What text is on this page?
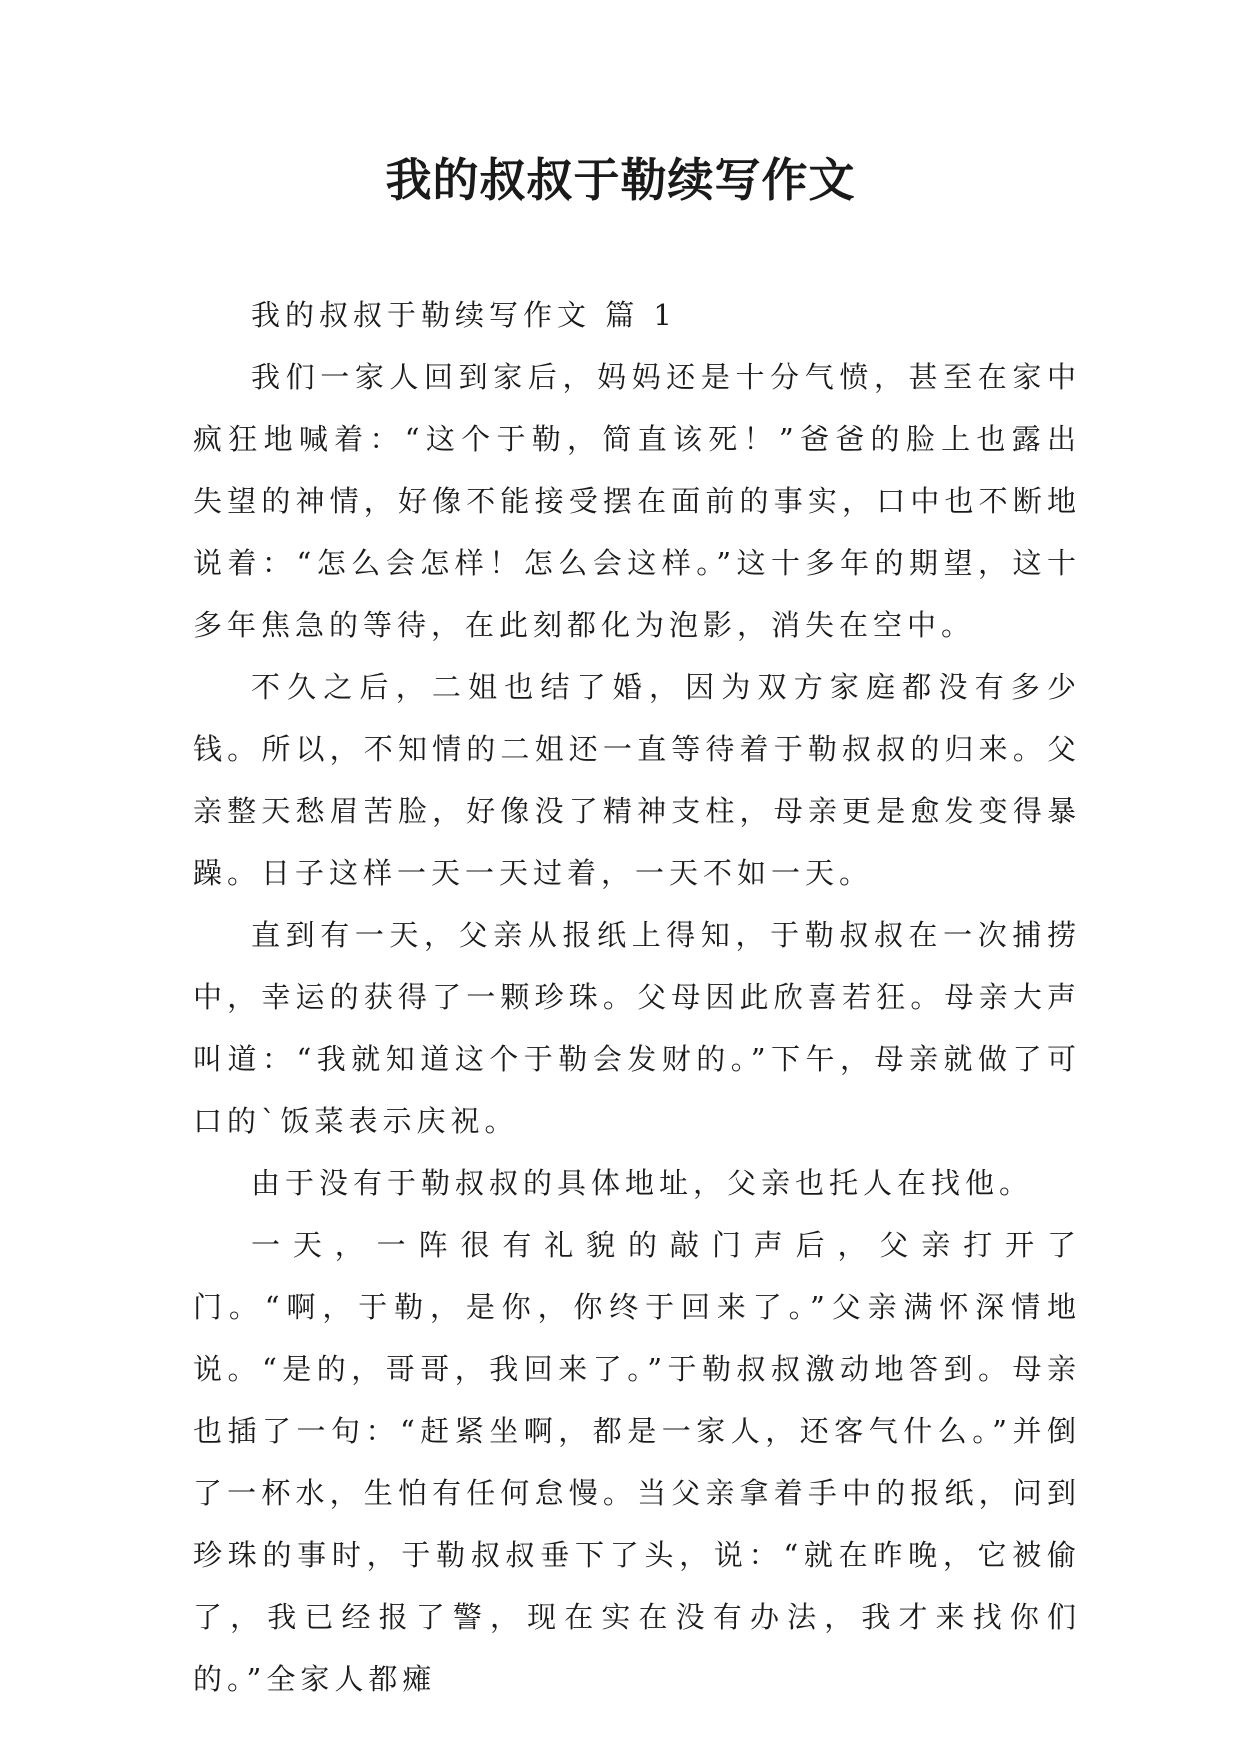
我的叔叔于勒续写作文

我的叔叔于勒续写作文 篇 1

我们一家人回到家后，妈妈还是十分气愤，甚至在家中疯狂地喊着：“这个于勒，简直该死！”爸爸的脸上也露出失望的神情，好像不能接受摆在面前的事实，口中也不断地说着：“怎么会怎样！怎么会这样。”这十多年的期望，这十多年焦急的等待，在此刻都化为泡影，消失在空中。

不久之后，二姐也结了婚，因为双方家庭都没有多少钱。所以，不知情的二姐还一直等待着于勒叔叔的归来。父亲整天愁眉苦脸，好像没了精神支柱，母亲更是愈发变得暴躁。日子这样一天一天过着，一天不如一天。

直到有一天，父亲从报纸上得知，于勒叔叔在一次捕捞中，幸运的获得了一颗珍珠。父母因此欣喜若狂。母亲大声叫道：“我就知道这个于勒会发财的。”下午，母亲就做了可口的`饭菜表示庆祝。

由于没有于勒叔叔的具体地址，父亲也托人在找他。

一天，一阵很有礼貌的敲门声后，父亲打开了门。“啊，于勒，是你，你终于回来了。”父亲满怀深情地说。“是的，哥哥，我回来了。”于勒叔叔激动地答到。母亲也插了一句：“赶紧坐啊，都是一家人，还客气什么。”并倒了一杯水，生怕有任何怠慢。当父亲拿着手中的报纸，问到珍珠的事时，于勒叔叔垂下了头，说：“就在昨晚，它被偷了，我已经报了警，现在实在没有办法，我才来找你们的。”全家人都瘫
